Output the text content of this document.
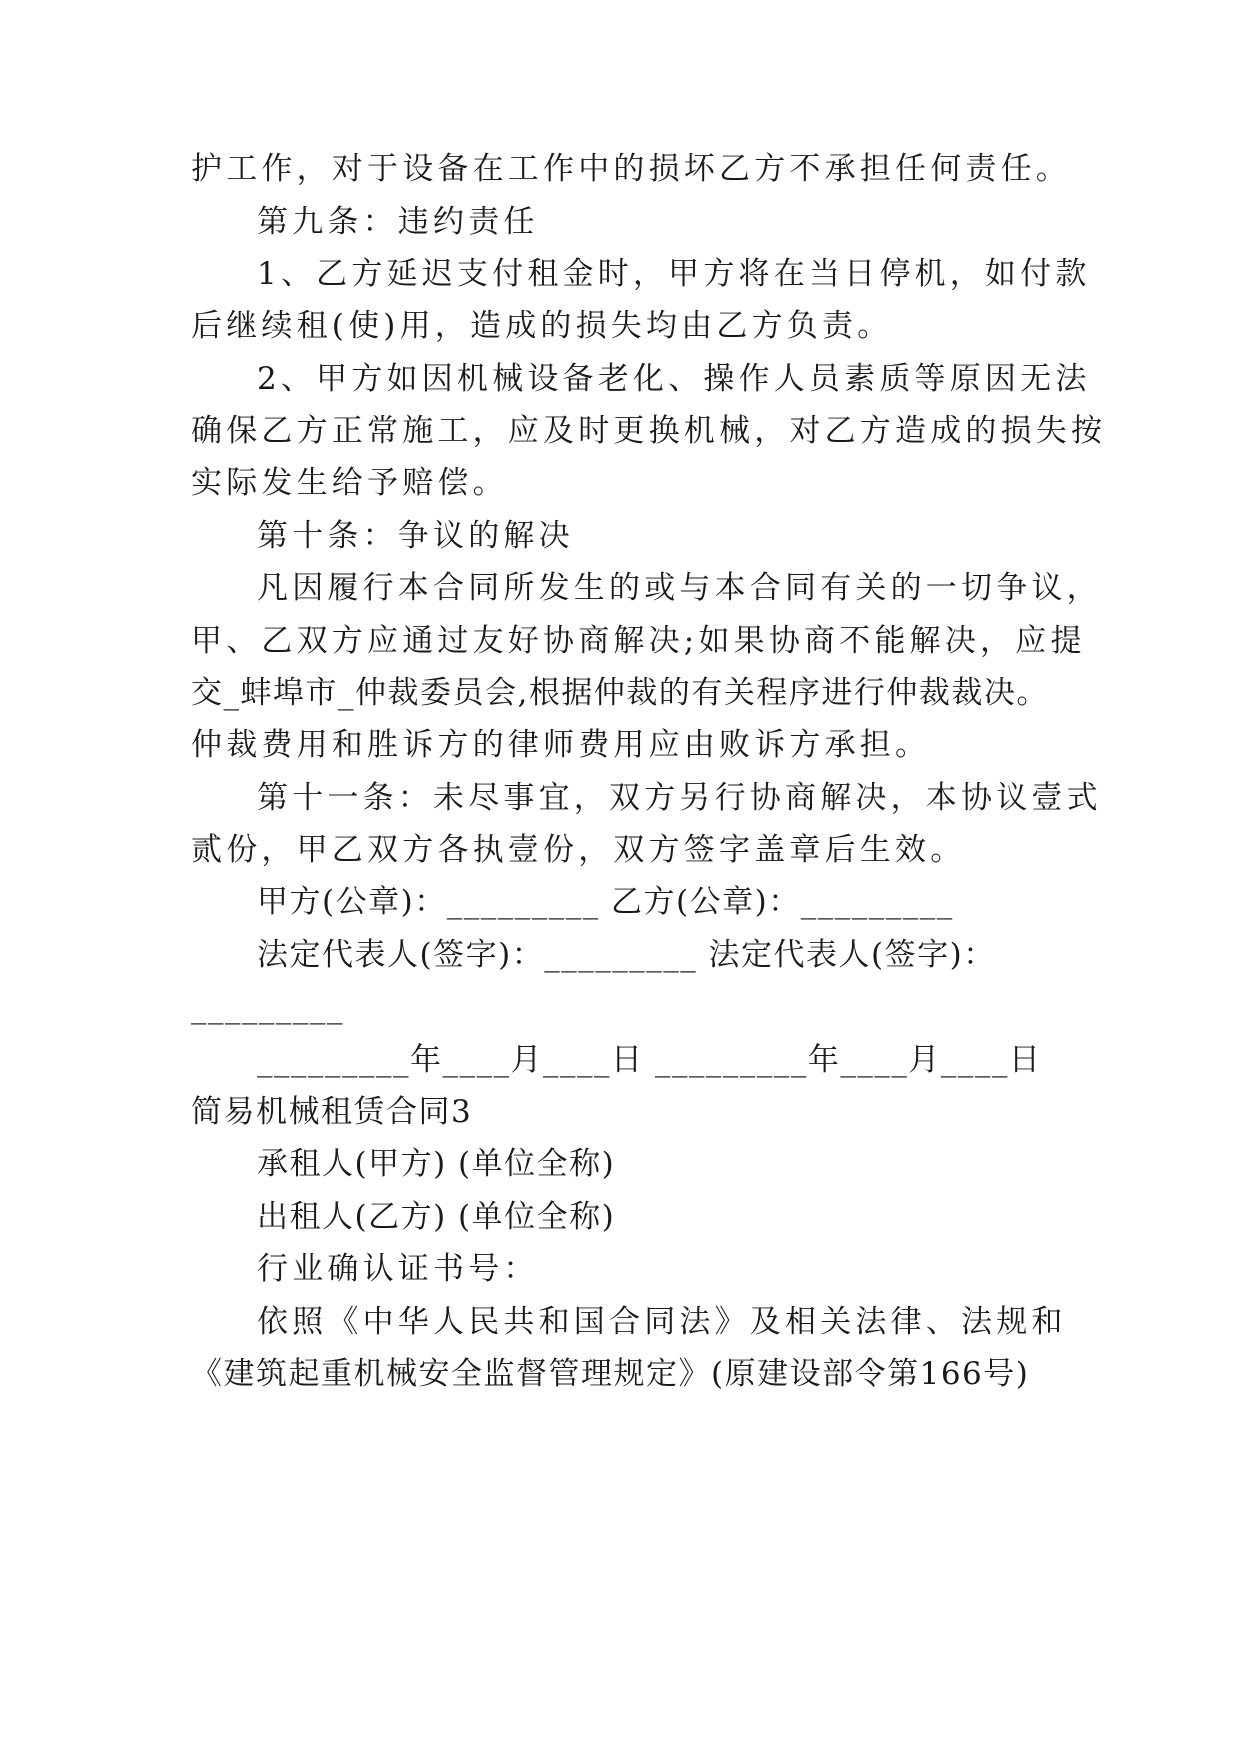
护工作，对于设备在工作中的损坏乙方不承担任何责任。
第九条：违约责任
1、乙方延迟支付租金时，甲方将在当日停机，如付款
后继续租(使)用，造成的损失均由乙方负责。
2、甲方如因机械设备老化、操作人员素质等原因无法
确保乙方正常施工，应及时更换机械，对乙方造成的损失按
实际发生给予赔偿。
第十条：争议的解决
凡因履行本合同所发生的或与本合同有关的一切争议，
甲、乙双方应通过友好协商解决;如果协商不能解决，应提
交_蚌埠市_仲裁委员会,根据仲裁的有关程序进行仲裁裁决。
仲裁费用和胜诉方的律师费用应由败诉方承担。
第十一条：未尽事宜，双方另行协商解决，本协议壹式
贰份，甲乙双方各执壹份，双方签字盖章后生效。
甲方(公章)：_________ 乙方(公章)：_________
法定代表人(签字)：_________ 法定代表人(签字)：
_________
_________年____月____日 _________年____月____日
简易机械租赁合同3
承租人(甲方) (单位全称)
出租人(乙方) (单位全称)
行业确认证书号：
依照《中华人民共和国合同法》及相关法律、法规和
《建筑起重机械安全监督管理规定》(原建设部令第166号)
